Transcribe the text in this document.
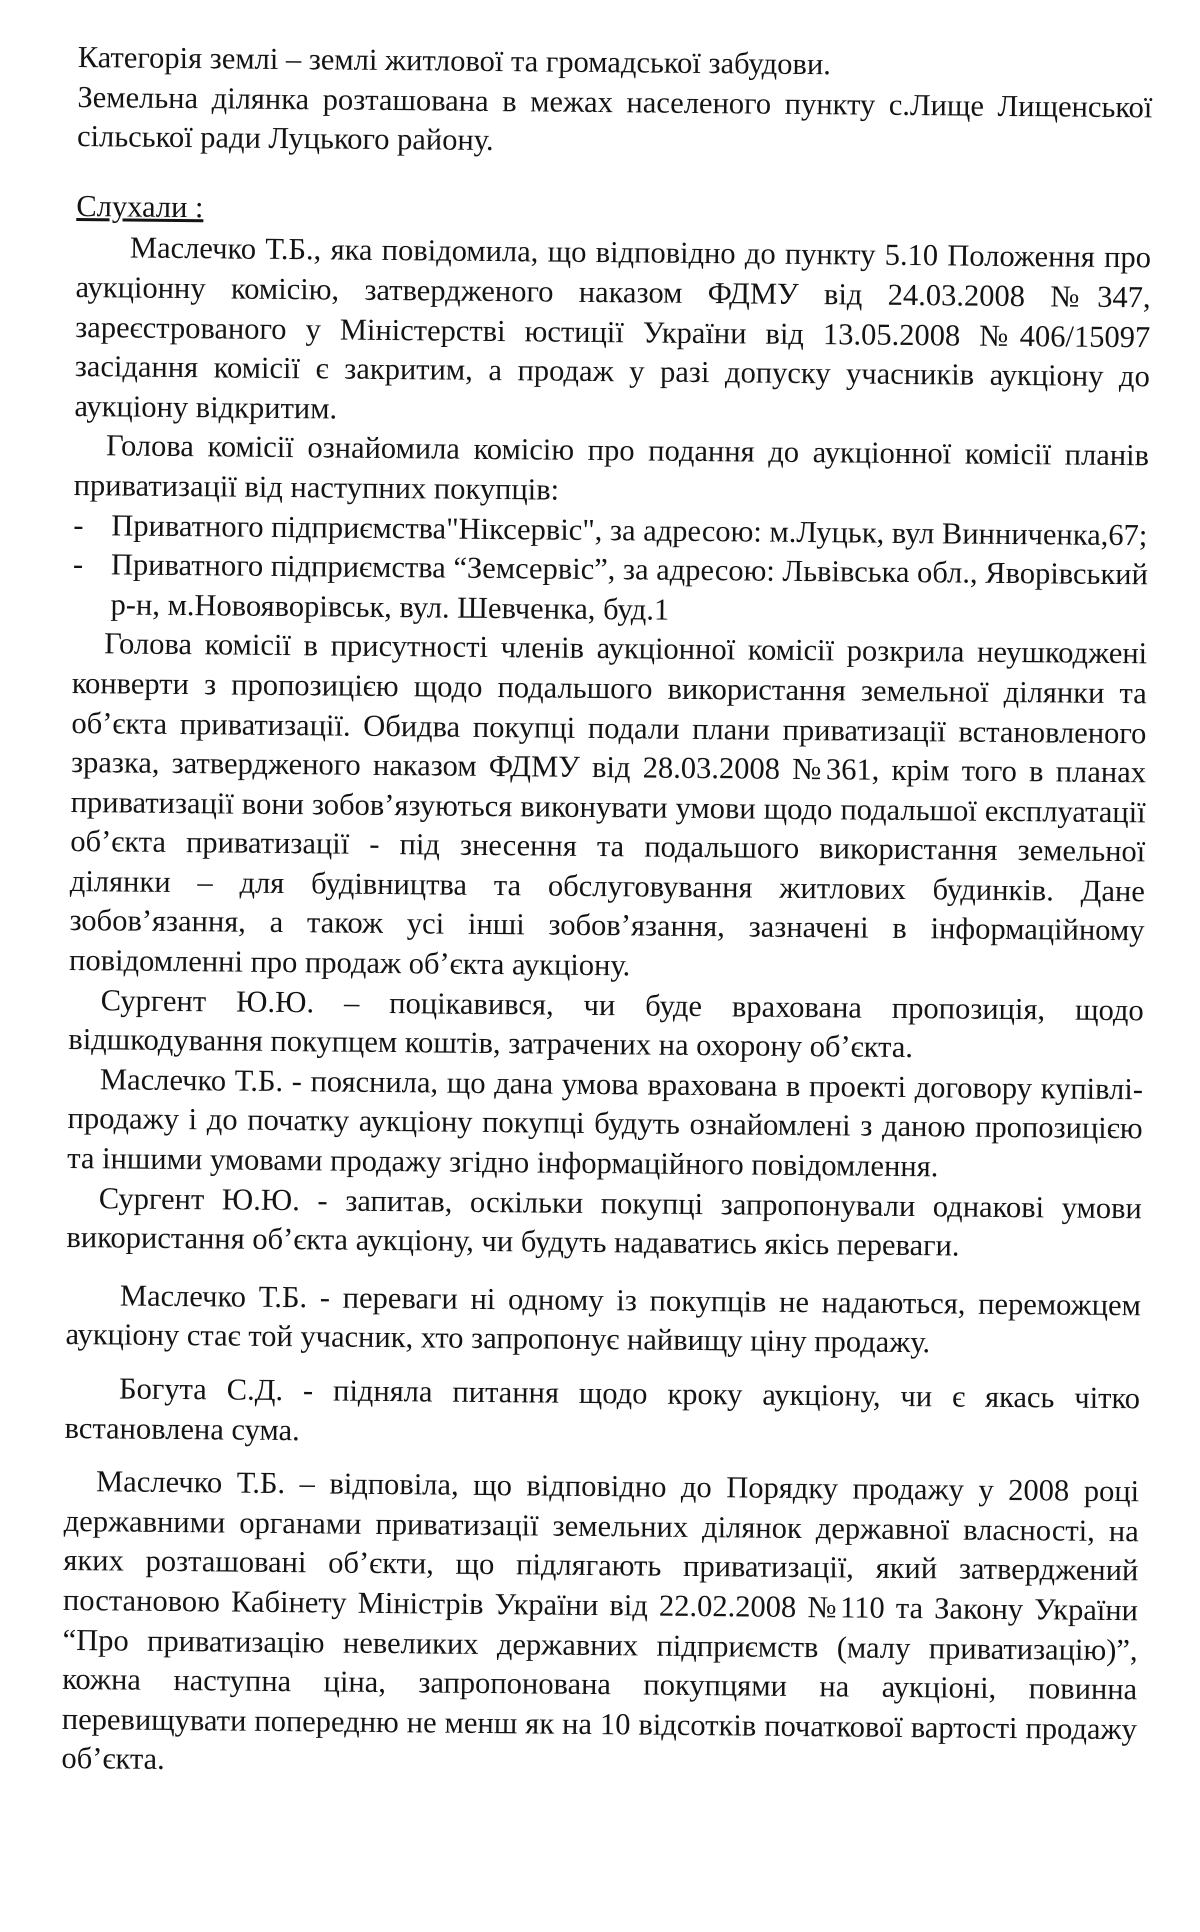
Категорія землі – землі житлової та громадської забудови.

Земельна ділянка розташована в межах населеного пункту с.Лище Лищенської сільської ради Луцького району.

Слухали :

Маслечко Т.Б., яка повідомила, що відповідно до пункту 5.10 Положення про аукціонну комісію, затвердженого наказом ФДМУ від 24.03.2008 №347, зареєстрованого у Міністерстві юстиції України від 13.05.2008 №406/15097 засідання комісії є закритим, а продаж у разі допуску учасників аукціону до аукціону відкритим.

Голова комісії ознайомила комісію про подання до аукціонної комісії планів приватизації від наступних покупців:

- Приватного підприємства"Ніксервіс", за адресою: м.Луцьк, вул Винниченка,67;
- Приватного підприємства “Земсервіс”, за адресою: Львівська обл., Яворівський р-н, м.Новояворівськ, вул. Шевченка, буд.1

Голова комісії в присутності членів аукціонної комісії розкрила неушкоджені конверти з пропозицією щодо подальшого використання земельної ділянки та об’єкта приватизації. Обидва покупці подали плани приватизації встановленого зразка, затвердженого наказом ФДМУ від 28.03.2008 №361, крім того в планах приватизації вони зобов’язуються виконувати умови щодо подальшої експлуатації об’єкта приватизації - під знесення та подальшого використання земельної ділянки – для будівництва та обслуговування житлових будинків. Дане зобов’язання, а також усі інші зобов’язання, зазначені в інформаційному повідомленні про продаж об’єкта аукціону.

Сургент Ю.Ю. – поцікавився, чи буде врахована пропозиція, щодо відшкодування покупцем коштів, затрачених на охорону об’єкта.

Маслечко Т.Б. - пояснила, що дана умова врахована в проекті договору купівлі-продажу і до початку аукціону покупці будуть ознайомлені з даною пропозицією та іншими умовами продажу згідно інформаційного повідомлення.

Сургент Ю.Ю. - запитав, оскільки покупці запропонували однакові умови використання об’єкта аукціону, чи будуть надаватись якісь переваги.

Маслечко Т.Б. - переваги ні одному із покупців не надаються, переможцем аукціону стає той учасник, хто запропонує найвищу ціну продажу.

Богута С.Д. - підняла питання щодо кроку аукціону, чи є якась чітко встановлена сума.

Маслечко Т.Б. – відповіла, що відповідно до Порядку продажу у 2008 році державними органами приватизації земельних ділянок державної власності, на яких розташовані об’єкти, що підлягають приватизації, який затверджений постановою Кабінету Міністрів України від 22.02.2008 №110 та Закону України “Про приватизацію невеликих державних підприємств (малу приватизацію)”, кожна наступна ціна, запропонована покупцями на аукціоні, повинна перевищувати попередню не менш як на 10 відсотків початкової вартості продажу об’єкта.
